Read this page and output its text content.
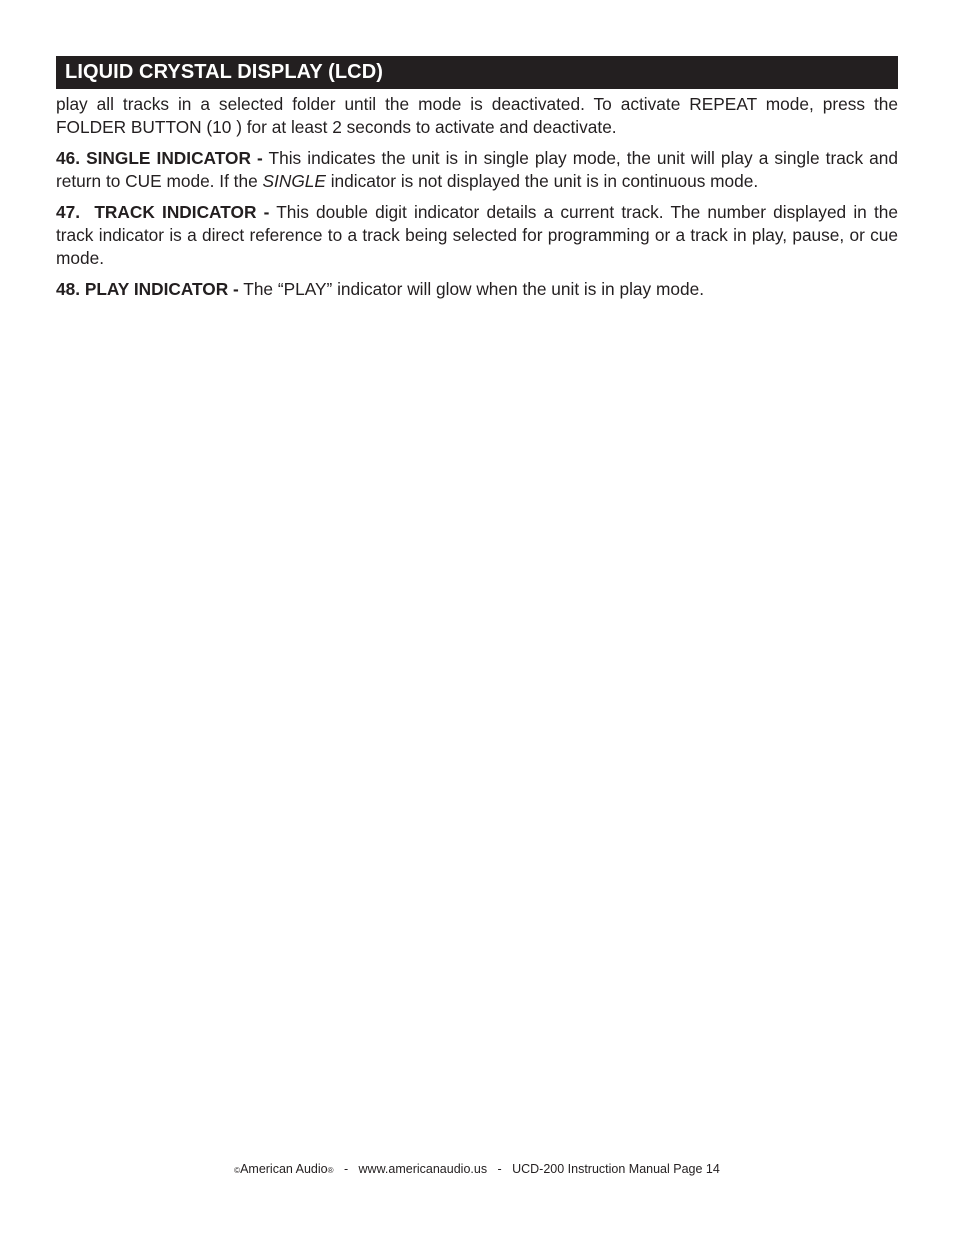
LIQUID CRYSTAL DISPLAY (LCD)

play all tracks in a selected folder until the mode is deactivated. To activate REPEAT mode, press the FOLDER BUTTON (10 ) for at least 2 seconds to activate and deactivate.

46. SINGLE INDICATOR - This indicates the unit is in single play mode, the unit will play a single track and return to CUE mode. If the SINGLE indicator is not displayed the unit is in continuous mode.

47.  TRACK INDICATOR - This double digit indicator details a current track. The number displayed in the track indicator is a direct reference to a track being selected for programming or a track in play, pause, or cue mode.

48. PLAY INDICATOR - The “PLAY” indicator will glow when the unit is in play mode.

©American Audio®   -   www.americanaudio.us   -   UCD-200 Instruction Manual Page 14
